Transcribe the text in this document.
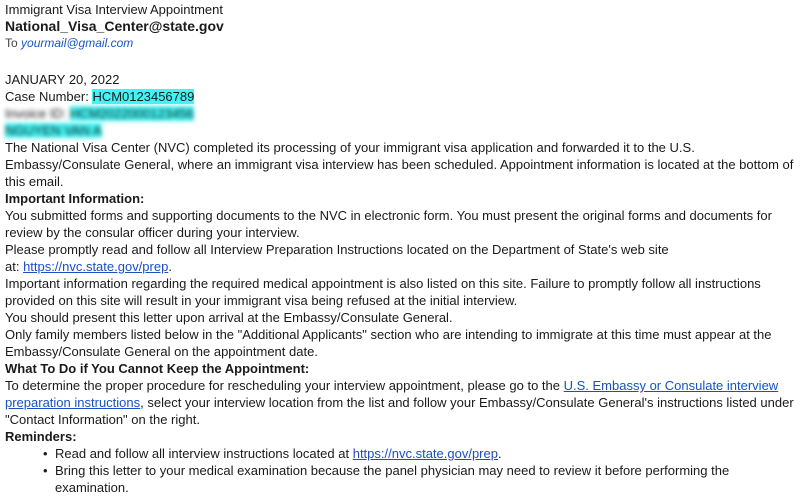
Immigrant Visa Interview Appointment
National_Visa_Center@state.gov
To yourmail@gmail.com
JANUARY 20, 2022
Case Number: HCM0123456789
Invoice ID: HCM2022000123456
NGUYEN VAN A
The National Visa Center (NVC) completed its processing of your immigrant visa application and forwarded it to the U.S. Embassy/Consulate General, where an immigrant visa interview has been scheduled. Appointment information is located at the bottom of this email.
Important Information:
You submitted forms and supporting documents to the NVC in electronic form. You must present the original forms and documents for review by the consular officer during your interview.
Please promptly read and follow all Interview Preparation Instructions located on the Department of State's web site
at: https://nvc.state.gov/prep.
Important information regarding the required medical appointment is also listed on this site. Failure to promptly follow all instructions provided on this site will result in your immigrant visa being refused at the initial interview.
You should present this letter upon arrival at the Embassy/Consulate General.
Only family members listed below in the "Additional Applicants" section who are intending to immigrate at this time must appear at the Embassy/Consulate General on the appointment date.
What To Do if You Cannot Keep the Appointment:
To determine the proper procedure for rescheduling your interview appointment, please go to the U.S. Embassy or Consulate interview preparation instructions, select your interview location from the list and follow your Embassy/Consulate General's instructions listed under "Contact Information" on the right.
Reminders:
• Read and follow all interview instructions located at https://nvc.state.gov/prep.
• Bring this letter to your medical examination because the panel physician may need to review it before performing the examination.
